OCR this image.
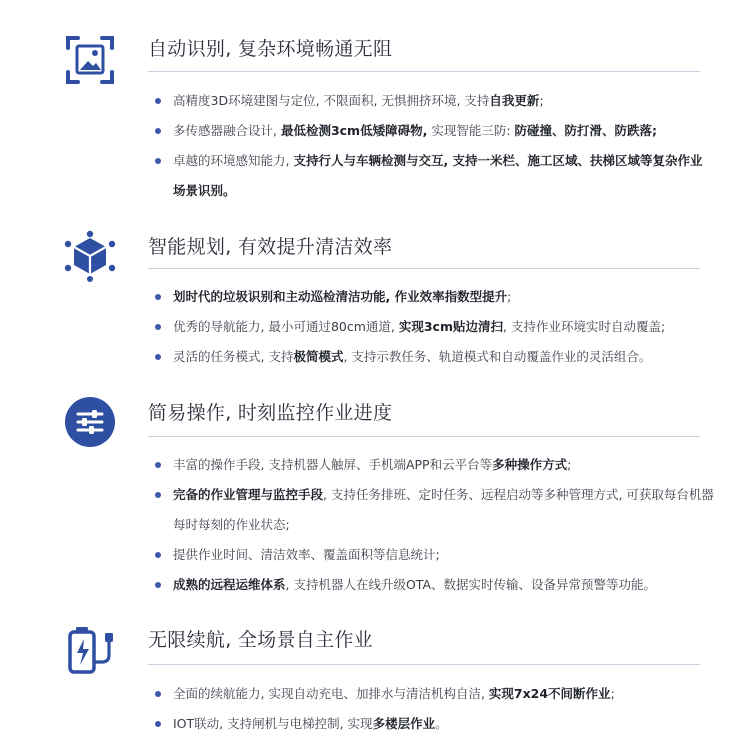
自动识别, 复杂环境畅通无阻
高精度3D环境建图与定位, 不限面积, 无惧拥挤环境, 支持自我更新;
多传感器融合设计, 最低检测3cm低矮障碍物, 实现智能三防: 防碰撞、防打滑、防跌落;
卓越的环境感知能力, 支持行人与车辆检测与交互, 支持一米栏、施工区域、扶梯区域等复杂作业场景识别。
智能规划, 有效提升清洁效率
划时代的垃圾识别和主动巡检清洁功能, 作业效率指数型提升;
优秀的导航能力, 最小可通过80cm通道, 实现3cm贴边清扫, 支持作业环境实时自动覆盖;
灵活的任务模式, 支持极简模式, 支持示教任务、轨道模式和自动覆盖作业的灵活组合。
简易操作, 时刻监控作业进度
丰富的操作手段, 支持机器人触屏、手机端APP和云平台等多种操作方式;
完备的作业管理与监控手段, 支持任务排班、定时任务、远程启动等多种管理方式, 可获取每台机器每时每刻的作业状态;
提供作业时间、清洁效率、覆盖面积等信息统计;
成熟的远程运维体系, 支持机器人在线升级OTA、数据实时传输、设备异常预警等功能。
无限续航, 全场景自主作业
全面的续航能力, 实现自动充电、加排水与清洁机构自洁, 实现7x24不间断作业;
IOT联动, 支持闸机与电梯控制, 实现多楼层作业。
